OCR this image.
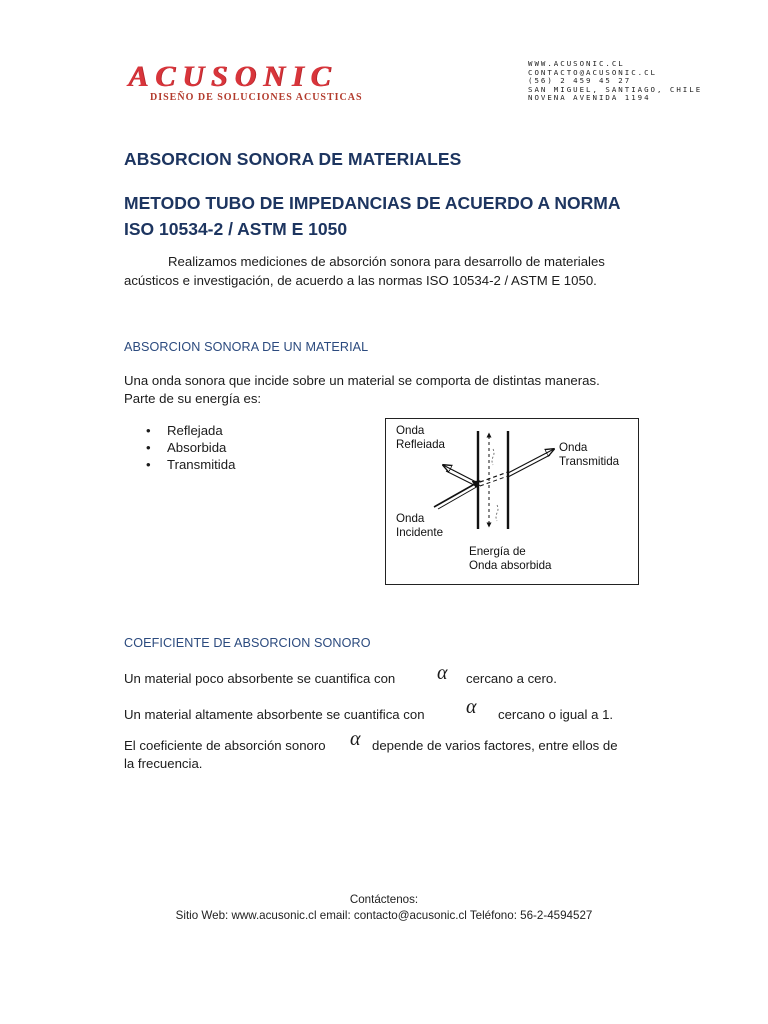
ACUSONIC
DISEÑO DE SOLUCIONES ACUSTICAS
WWW.ACUSONIC.CL
CONTACTO@ACUSONIC.CL
(56) 2 459 45 27
SAN MIGUEL, SANTIAGO, CHILE
NOVENA AVENIDA 1194
ABSORCION SONORA DE MATERIALES
METODO TUBO DE IMPEDANCIAS DE ACUERDO A NORMA
ISO 10534-2 / ASTM E 1050
Realizamos mediciones de absorción sonora para desarrollo de materiales
acústicos e investigación, de acuerdo a las normas ISO 10534-2 / ASTM E 1050.
ABSORCION SONORA DE UN MATERIAL
Una onda sonora que incide sobre un material se comporta de distintas maneras.
Parte de su energía es:
• Reflejada
• Absorbida
• Transmitida
Onda
Refleiada	Onda
Transmitida
Onda
Incidente
Energía de
Onda absorbida
COEFICIENTE DE ABSORCION SONORO
Un material poco absorbente se cuantifica con α cercano a cero.
Un material altamente absorbente se cuantifica con α cercano o igual a 1.
El coeficiente de absorción sonoro α depende de varios factores, entre ellos de
la frecuencia.
Contáctenos:
Sitio Web: www.acusonic.cl email: contacto@acusonic.cl Teléfono: 56-2-4594527
